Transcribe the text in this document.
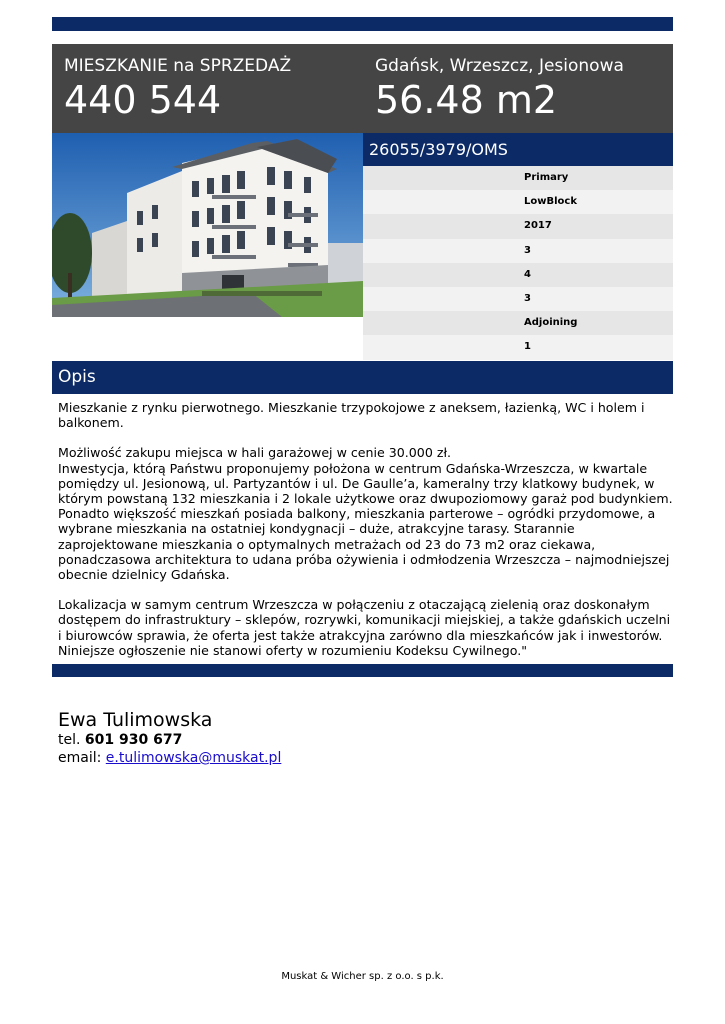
MIESZKANIE na SPRZEDAŻ
440 544
Gdańsk, Wrzeszcz, Jesionowa
56.48 m2
26055/3979/OMS
Primary
LowBlock
2017
3
4
3
Adjoining
1
Opis

Mieszkanie z rynku pierwotnego. Mieszkanie trzypokojowe z aneksem, łazienką, WC i holem i balkonem.

Możliwość zakupu miejsca w hali garażowej w cenie 30.000 zł.
Inwestycja, którą Państwu proponujemy położona w centrum Gdańska-Wrzeszcza, w kwartale pomiędzy ul. Jesionową, ul. Partyzantów i ul. De Gaulle’a, kameralny trzy klatkowy budynek, w którym powstaną 132 mieszkania i 2 lokale użytkowe oraz dwupoziomowy garaż pod budynkiem. Ponadto większość mieszkań posiada balkony, mieszkania parterowe – ogródki przydomowe, a wybrane mieszkania na ostatniej kondygnacji – duże, atrakcyjne tarasy. Starannie zaprojektowane mieszkania o optymalnych metrażach od 23 do 73 m2 oraz ciekawa, ponadczasowa architektura to udana próba ożywienia i odmłodzenia Wrzeszcza – najmodniejszej obecnie dzielnicy Gdańska.

Lokalizacja w samym centrum Wrzeszcza w połączeniu z otaczającą zielenią oraz doskonałym dostępem do infrastruktury – sklepów, rozrywki, komunikacji miejskiej, a także gdańskich uczelni i biurowców sprawia, że oferta jest także atrakcyjna zarówno dla mieszkańców jak i inwestorów. Niniejsze ogłoszenie nie stanowi oferty w rozumieniu Kodeksu Cywilnego."

Ewa Tulimowska
tel. 601 930 677
email: e.tulimowska@muskat.pl
Muskat & Wicher sp. z o.o. s p.k.
